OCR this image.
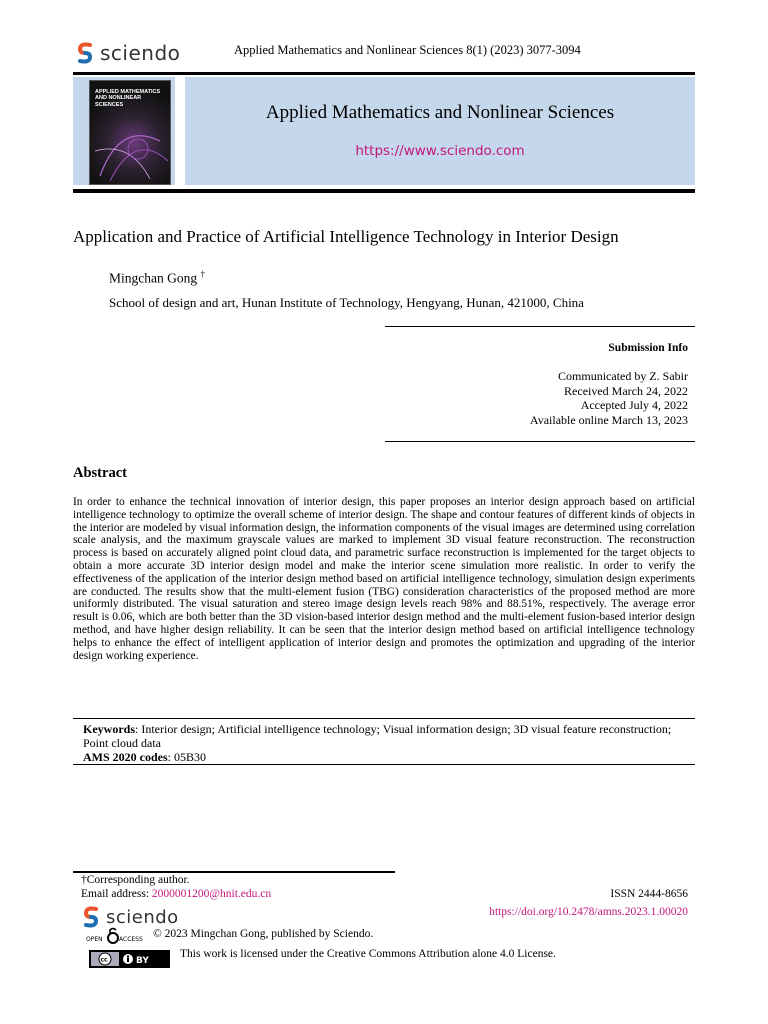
sciendo	Applied Mathematics and Nonlinear Sciences 8(1) (2023) 3077-3094
APPLIED MATHEMATICS AND NONLINEAR SCIENCES	Applied Mathematics and Nonlinear Sciences
https://www.sciendo.com
Application and Practice of Artificial Intelligence Technology in Interior Design
Mingchan Gong †
School of design and art, Hunan Institute of Technology, Hengyang, Hunan, 421000, China
Submission Info
Communicated by Z. Sabir
Received March 24, 2022
Accepted July 4, 2022
Available online March 13, 2023
Abstract
In order to enhance the technical innovation of interior design, this paper proposes an interior design approach based on artificial intelligence technology to optimize the overall scheme of interior design. The shape and contour features of different kinds of objects in the interior are modeled by visual information design, the information components of the visual images are determined using correlation scale analysis, and the maximum grayscale values are marked to implement 3D visual feature reconstruction. The reconstruction process is based on accurately aligned point cloud data, and parametric surface reconstruction is implemented for the target objects to obtain a more accurate 3D interior design model and make the interior scene simulation more realistic. In order to verify the effectiveness of the application of the interior design method based on artificial intelligence technology, simulation design experiments are conducted. The results show that the multi-element fusion (TBG) consideration characteristics of the proposed method are more uniformly distributed. The visual saturation and stereo image design levels reach 98% and 88.51%, respectively. The average error result is 0.06, which are both better than the 3D vision-based interior design method and the multi-element fusion-based interior design method, and have higher design reliability. It can be seen that the interior design method based on artificial intelligence technology helps to enhance the effect of intelligent application of interior design and promotes the optimization and upgrading of the interior design working experience.
Keywords: Interior design; Artificial intelligence technology; Visual information design; 3D visual feature reconstruction; Point cloud data
AMS 2020 codes: 05B30
†Corresponding author.
Email address: 2000001200@hnit.edu.cn	ISSN 2444-8656
https://doi.org/10.2478/amns.2023.1.00020
sciendo
OPEN	ACCESS © 2023 Mingchan Gong, published by Sciendo.
cc	BY
This work is licensed under the Creative Commons Attribution alone 4.0 License.
